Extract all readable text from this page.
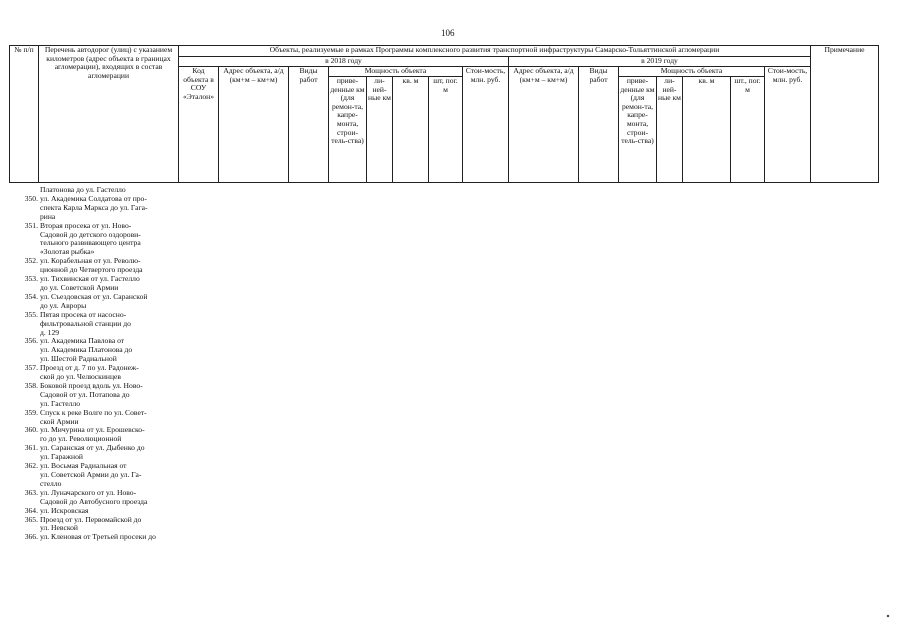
106
№ п/п	Перечень автодорог (улиц) с указанием километров (адрес объекта в границах агломерации), входящих в состав агломерации	Объекты, реализуемые в рамках Программы комплексного развития транспортной инфраструктуры Самарско-Тольяттинской агломерации															Примечание
		в 2018 году								в 2019 году							
		Код объекта в СОУ «Эталон»	Адрес объекта, а/д (км+м – км+м)	Виды работ	Мощность объекта				Стои-мость, млн. руб.	Адрес объекта, а/д (км+м – км+м)	Виды работ	Мощность объекта				Стои-мость, млн. руб.	
					приве-денные км (для ремон-та, капре-монта, строи-тель-ства)	ли-ней-ные км	кв. м	шт, пог. м				приве-денные км (для ремон-та, капре-монта, строи-тель-ства)	ли-ней-ные км	кв. м	шт., пог. м		
Платонова до ул. Гастелло
350. ул. Академика Солдатова от про-
спекта Карла Маркса до ул. Гага-
рина
351. Вторая просека от ул. Ново-
Садовой до детского оздорови-
тельного развивающего центра
«Золотая рыбка»
352. ул. Корабельная от ул. Револю-
ционной до Четвертого проезда
353. ул. Тихвинская от ул. Гастелло
до ул. Советской Армии
354. ул. Съездовская от ул. Саранской
до ул. Авроры
355. Пятая просека от насосно-
фильтровальной станции до
д. 129
356. ул. Академика Павлова от
ул. Академика Платонова до
ул. Шестой Радиальной
357. Проезд от д. 7 по ул. Радонеж-
ской до ул. Челюскинцев
358. Боковой проезд вдоль ул. Ново-
Садовой от ул. Потапова до
ул. Гастелло
359. Спуск к реке Волге по ул. Совет-
ской Армии
360. ул. Мичурина от ул. Ерошевско-
го до ул. Революционной
361. ул. Саранская от ул. Дыбенко до
ул. Гаражной
362. ул. Восьмая Радиальная от
ул. Советской Армии до ул. Га-
стелло
363. ул. Луначарского от ул. Ново-
Садовой до Автобусного проезда
364. ул. Искровская
365. Проезд от ул. Первомайской до
ул. Невской
366. ул. Кленовая от Третьей просеки до
